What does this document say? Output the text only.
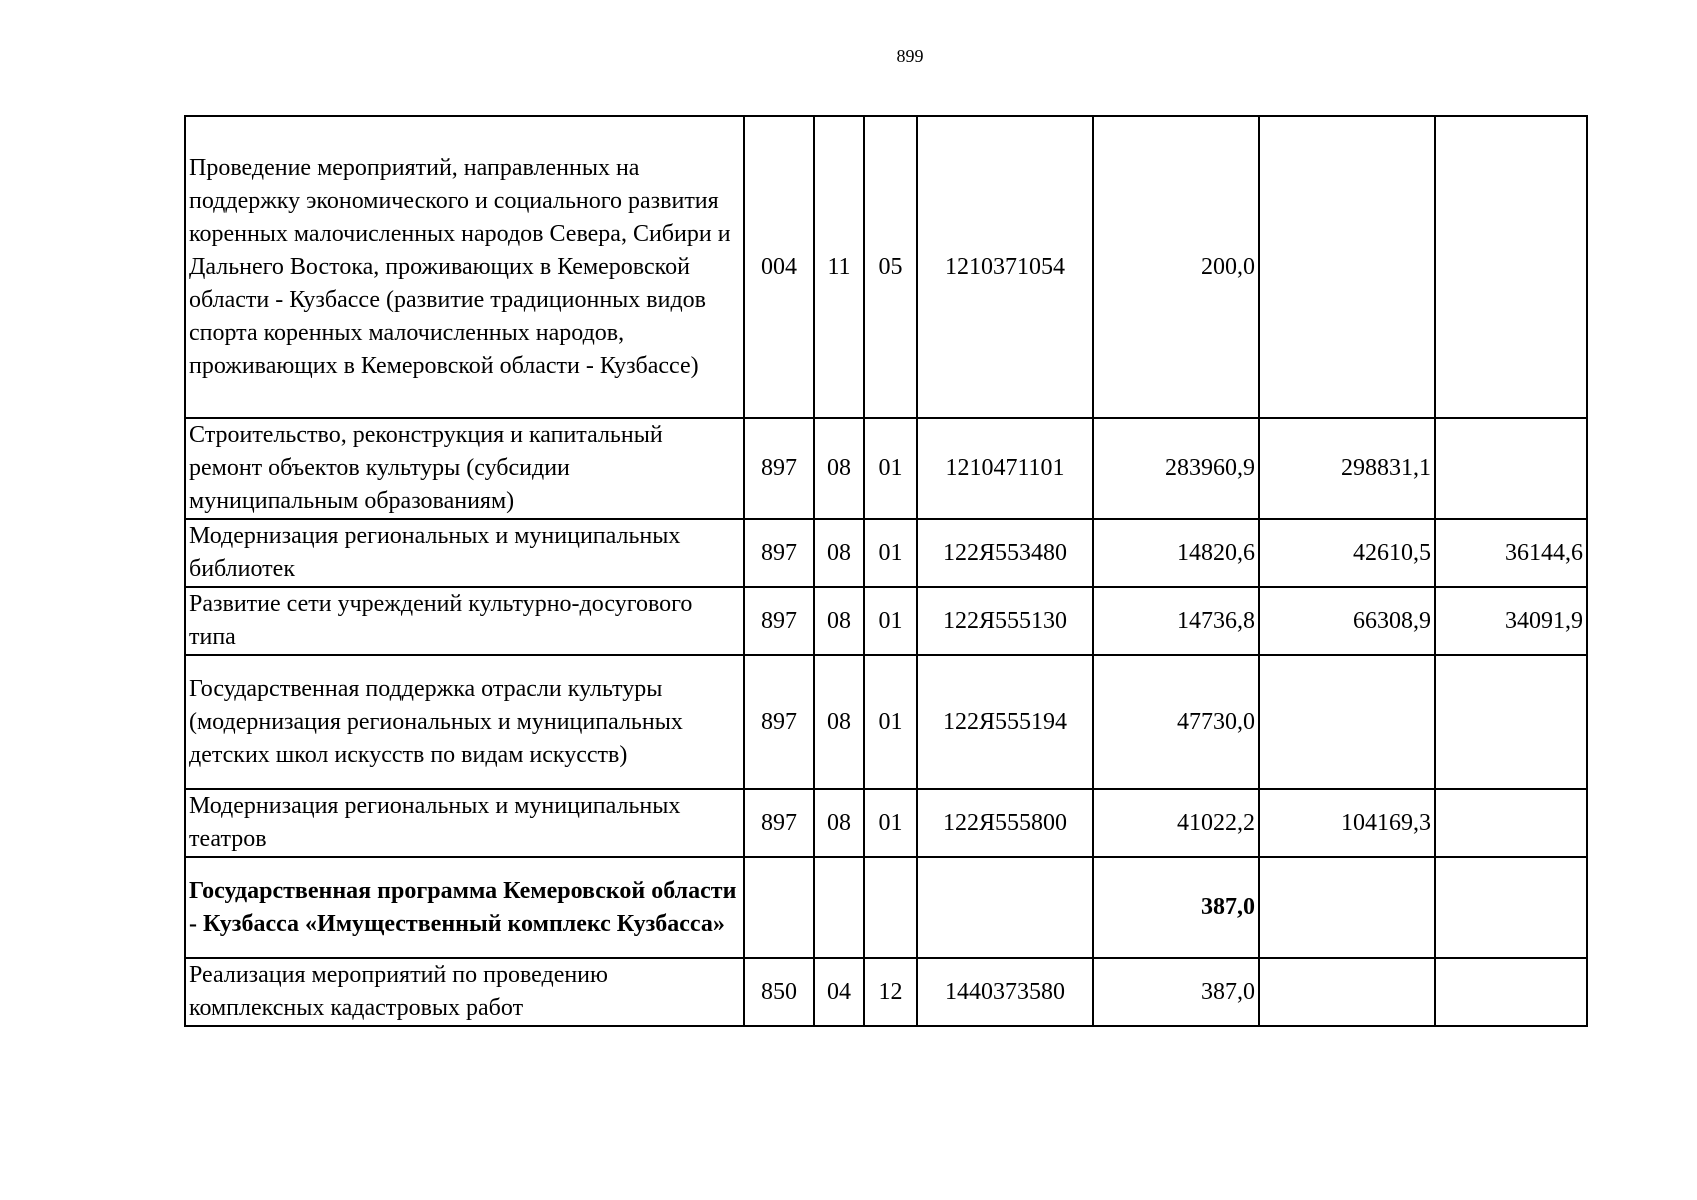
899
Проведение мероприятий, направленных на поддержку экономического и социального развития коренных малочисленных народов Севера, Сибири и Дальнего Востока, проживающих в Кемеровской области - Кузбассе (развитие традиционных видов спорта коренных малочисленных народов, проживающих в Кемеровской области - Кузбассе)	004	11	05	1210371054	200,0		
Строительство, реконструкция и капитальный ремонт объектов культуры (субсидии муниципальным образованиям)	897	08	01	1210471101	283960,9	298831,1	
Модернизация региональных и муниципальных библиотек	897	08	01	122Я553480	14820,6	42610,5	36144,6
Развитие сети учреждений культурно-досугового типа	897	08	01	122Я555130	14736,8	66308,9	34091,9
Государственная поддержка отрасли культуры (модернизация региональных и муниципальных детских школ искусств по видам искусств)	897	08	01	122Я555194	47730,0		
Модернизация региональных и муниципальных театров	897	08	01	122Я555800	41022,2	104169,3	
Государственная программа Кемеровской области - Кузбасса «Имущественный комплекс Кузбасса»					387,0		
Реализация мероприятий по проведению комплексных кадастровых работ	850	04	12	1440373580	387,0		
